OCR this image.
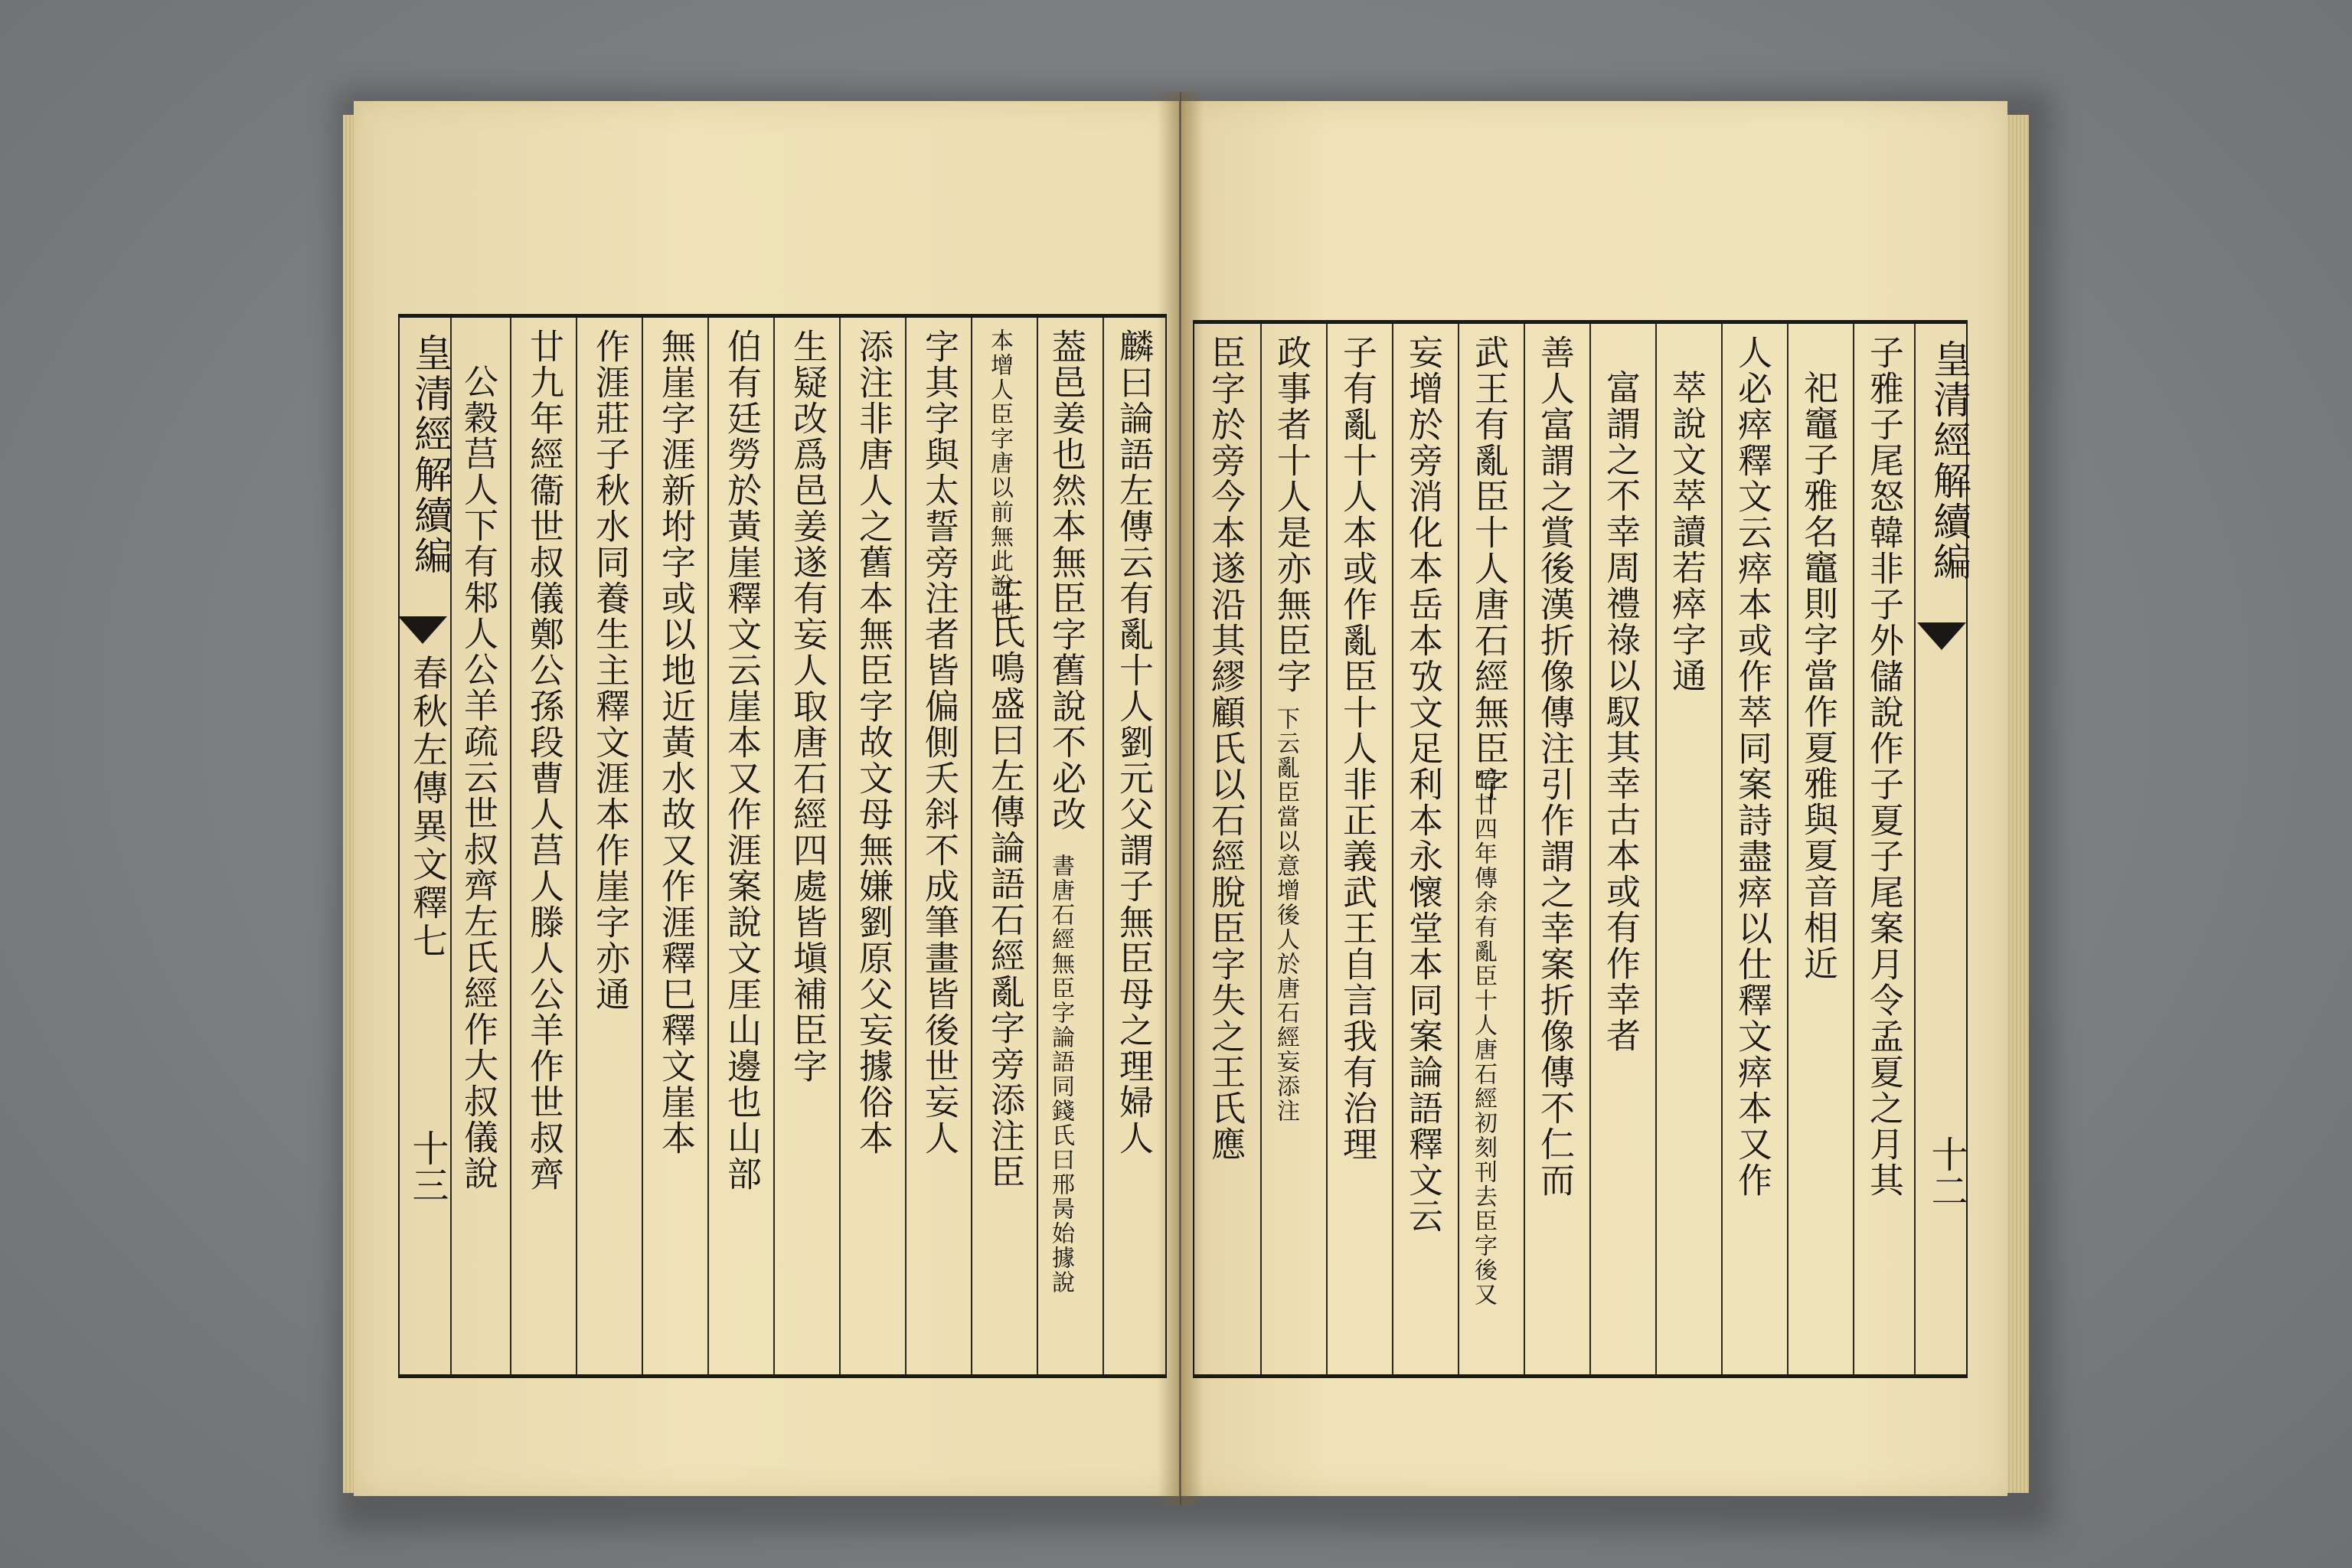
麟曰論語左傳云有亂十人劉元父謂子無臣母之理婦人
葢邑姜也然本無臣字舊說不必改
書唐石經無臣字論語同錢氏曰邢昺始據說
本增人臣字唐以前無此說也
王氏鳴盛曰左傳論語石經亂字旁添注臣
字其字與太誓旁注者皆偏側夭斜不成筆畫皆後世妄人
添注非唐人之舊本無臣字故文母無嫌劉原父妄據俗本
生疑改爲邑姜遂有妄人取唐石經四處皆塡補臣字
伯有廷勞於黃崖釋文云崖本又作涯案說文厓山邊也山部
無崖字涯新坿字或以地近黃水故又作涯釋巳釋文崖本
作涯莊子秋水同養生主釋文涯本作崖字亦通
廿九年經衞世叔儀鄭公孫段曹人莒人滕人公羊作世叔齊
公穀莒人下有邾人公羊疏云世叔齊左氏經作大叔儀說
皇清經解續編
春秋左傳異文釋七
十三
臣字於旁今本遂沿其繆顧氏以石經脫臣字失之王氏應 政事者十人是亦無臣字
下云亂臣當以意增後人於唐石經妄添注 子有亂十人本或作亂臣十人非正義武王自言我有治理 妄增於旁消化本岳本攷文足利本永懷堂本同案論語釋文云 武王有亂臣十人唐石經無臣字
昭廿四年傳余有亂臣十人唐石經初刻刊去臣字後又 善人富謂之賞後漢折像傳注引作謂之幸案折像傳不仁而 富謂之不幸周禮祿以馭其幸古本或有作幸者 萃說文萃讀若瘁字通 人必瘁釋文云瘁本或作萃同案詩盡瘁以仕釋文瘁本又作 祀竈子雅名竈則字當作夏雅與夏音相近 子雅子尾怒韓非子外儲說作子夏子尾案月令孟夏之月其 皇清經解續編
十二
